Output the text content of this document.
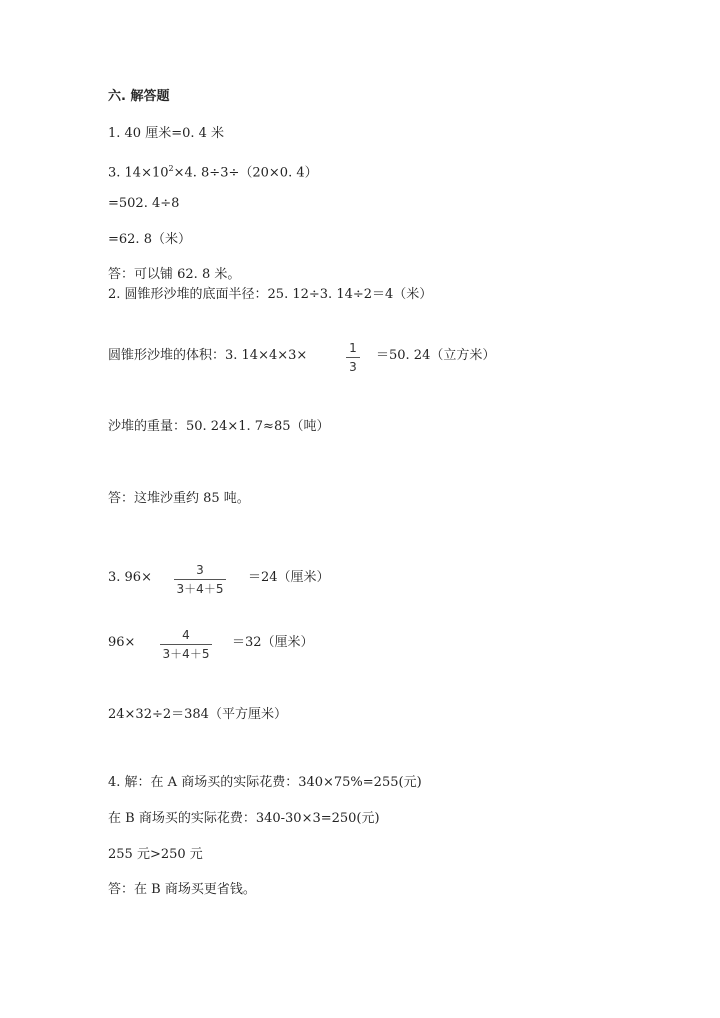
六. 解答题
1. 40 厘米=0. 4 米
3. $14\times 10^2\times 4$. 8÷3÷（20×0. 4）
=502. 4÷8
=62. 8（米）
答：可以铺 62. 8 米。
2. 圆锥形沙堆的底面半径：25. 12÷3. 14÷2＝4（米）
圆锥形沙堆的体积：3. 14×4×3×	1
3
＝50. 24（立方米）
沙堆的重量：50. 24×1. 7≈85（吨）
答：这堆沙重约 85 吨。
3. 96×	3
3＋4＋5
＝24（厘米）
96×	4
3＋4＋5
＝32（厘米）
24×32÷2＝384（平方厘米）
4. 解：在 A 商场买的实际花费：340×75%=255(元)
在 B 商场买的实际花费：340-30×3=250(元)
255 元>250 元
答：在 B 商场买更省钱。
